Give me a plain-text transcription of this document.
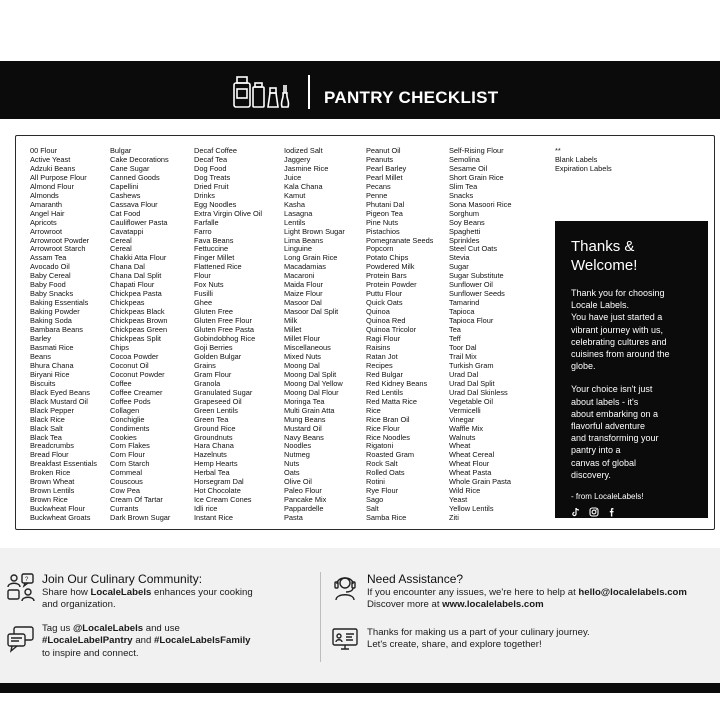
PANTRY CHECKLIST
00 Flour
Active Yeast
Adzuki Beans
All Purpose Flour
Almond Flour
Almonds
Amaranth
Angel Hair
Apricots
Arrowroot
Arrowroot Powder
Arrowroot Starch
Assam Tea
Avocado Oil
Baby Cereal
Baby Food
Baby Snacks
Baking Essentials
Baking Powder
Baking Soda
Bambara Beans
Barley
Basmati Rice
Beans
Bhura Chana
Biryani Rice
Biscuits
Black Eyed Beans
Black Mustard Oil
Black Pepper
Black Rice
Black Salt
Black Tea
Breadcrumbs
Bread Flour
Breakfast Essentials
Broken Rice
Brown Wheat
Brown Lentils
Brown Rice
Buckwheat Flour
Buckwheat Groats
Bulgar
Cake Decorations
Cane Sugar
Canned Goods
Capellini
Cashews
Cassava Flour
Cat Food
Cauliflower Pasta
Cavatappi
Cereal
Cereal
Chakki Atta Flour
Chana Dal
Chana Dal Split
Chapati Flour
Chickpea Pasta
Chickpeas
Chickpeas Black
Chickpeas Brown
Chickpeas Green
Chickpeas Split
Chips
Cocoa Powder
Coconut Oil
Coconut Powder
Coffee
Coffee Creamer
Coffee Pods
Collagen
Conchiglie
Condiments
Cookies
Corn Flakes
Corn Flour
Corn Starch
Cornmeal
Couscous
Cow Pea
Cream Of Tartar
Currants
Dark Brown Sugar
Decaf Coffee
Decaf Tea
Dog Food
Dog Treats
Dried Fruit
Drinks
Egg Noodles
Extra Virgin Olive Oil
Farfalle
Farro
Fava Beans
Fettuccine
Finger Millet
Flattened Rice
Flour
Fox Nuts
Fusilli
Ghee
Gluten Free
Gluten Free Flour
Gluten Free Pasta
Gobindobhog Rice
Goji Berries
Golden Bulgar
Grains
Gram Flour
Granola
Granulated Sugar
Grapeseed Oil
Green Lentils
Green Tea
Ground Rice
Groundnuts
Hara Chana
Hazelnuts
Hemp Hearts
Herbal Tea
Horsegram Dal
Hot Chocolate
Ice Cream Cones
Idli rice
Instant Rice
Iodized Salt
Jaggery
Jasmine Rice
Juice
Kala Chana
Kamut
Kasha
Lasagna
Lentils
Light Brown Sugar
Lima Beans
Linguine
Long Grain Rice
Macadamias
Macaroni
Maida Flour
Maize Flour
Masoor Dal
Masoor Dal Split
Milk
Millet
Millet Flour
Miscellaneous
Mixed Nuts
Moong Dal
Moong Dal Split
Moong Dal Yellow
Moong Dal Flour
Moringa Tea
Multi Grain Atta
Mung Beans
Mustard Oil
Navy Beans
Noodles
Nutmeg
Nuts
Oats
Olive Oil
Paleo Flour
Pancake Mix
Pappardelle
Pasta
Peanut Oil
Peanuts
Pearl Barley
Pearl Millet
Pecans
Penne
Phutani Dal
Pigeon Tea
Pine Nuts
Pistachios
Pomegranate Seeds
Popcorn
Potato Chips
Powdered Milk
Protein Bars
Protein Powder
Puttu Flour
Quick Oats
Quinoa
Quinoa Red
Quinoa Tricolor
Ragi Flour
Raisins
Ratan Jot
Recipes
Red Bulgar
Red Kidney Beans
Red Lentils
Red Matta Rice
Rice
Rice Bran Oil
Rice Flour
Rice Noodles
Rigatoni
Roasted Gram
Rock Salt
Rolled Oats
Rotini
Rye Flour
Sago
Salt
Samba Rice
Self-Rising Flour
Semolina
Sesame Oil
Short Grain Rice
Slim Tea
Snacks
Sona Masoori Rice
Sorghum
Soy Beans
Spaghetti
Sprinkles
Steel Cut Oats
Stevia
Sugar
Sugar Substitute
Sunflower Oil
Sunflower Seeds
Tamarind
Tapioca
Tapioca Flour
Tea
Teff
Toor Dal
Trail Mix
Turkish Gram
Urad Dal
Urad Dal Split
Urad Dal Skinless
Vegetable Oil
Vermicelli
Vinegar
Waffle Mix
Walnuts
Wheat
Wheat Cereal
Wheat Flour
Wheat Pasta
Whole Grain Pasta
Wild Rice
Yeast
Yellow Lentils
Ziti
**
Blank Labels
Expiration Labels
Thanks &
Welcome!

Thank you for choosing
Locale Labels.
You have just started a
vibrant journey with us,
celebrating cultures and
cuisines from around the
globe.

Your choice isn't just
about labels - it's
about embarking on a
flavorful adventure
and transforming your
pantry into a
canvas of global
discovery.

- from LocaleLabels!
? Join Our Culinary Community:
Share how LocaleLabels enhances your cooking
and organization.
Tag us @LocaleLabels and use
#LocaleLabelPantry and #LocaleLabelsFamily
to inspire and connect.
Need Assistance?
If you encounter any issues, we're here to help at hello@localelabels.com
Discover more at www.localelabels.com
Thanks for making us a part of your culinary journey.
Let's create, share, and explore together!
